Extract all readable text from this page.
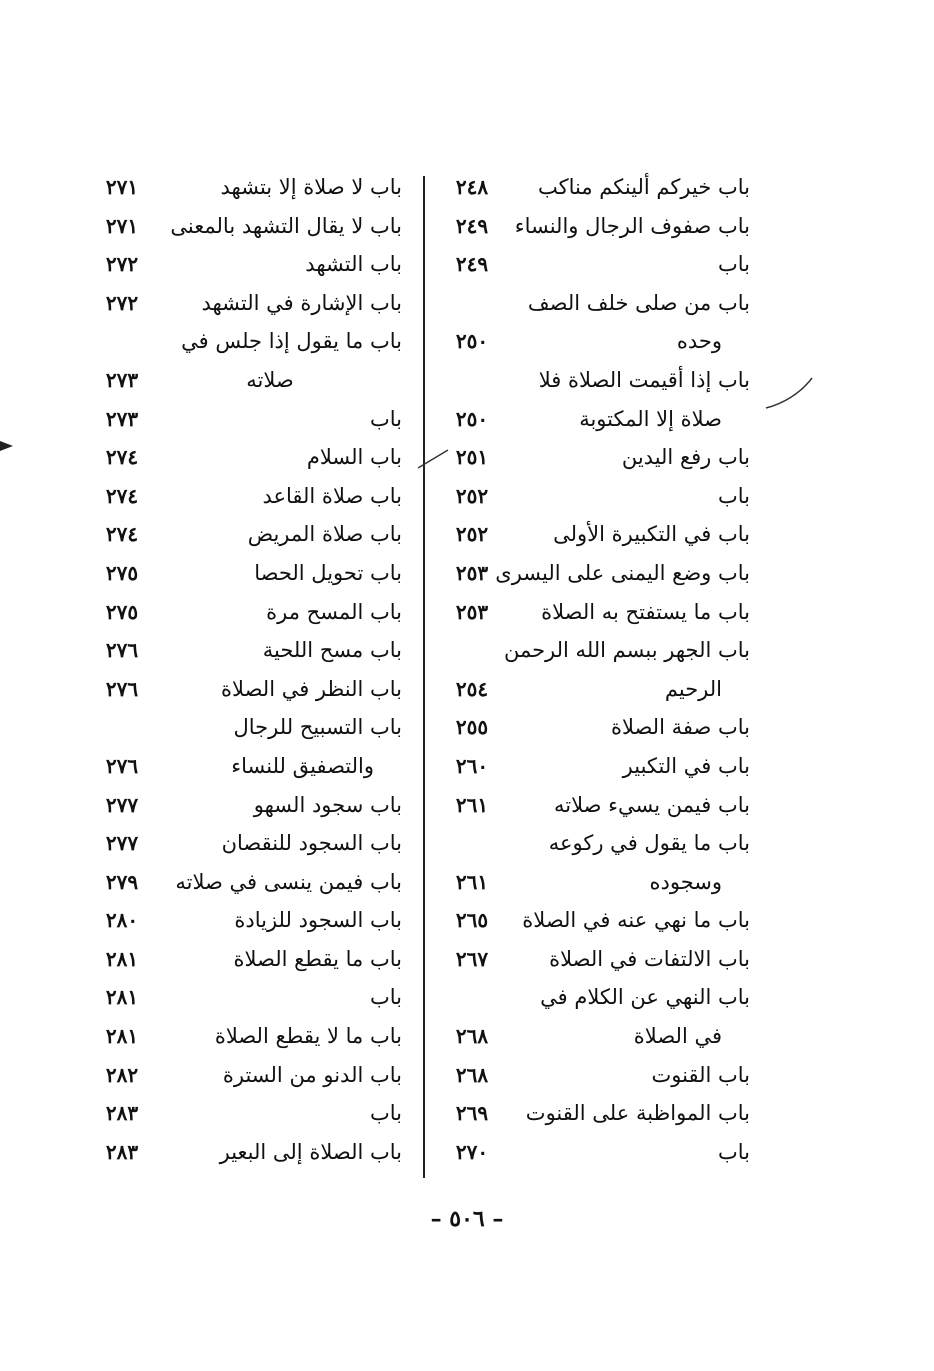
باب خيركم ألينكم مناكب
٢٤٨
باب صفوف الرجال والنساء
٢٤٩
باب
٢٤٩
باب من صلى خلف الصف
وحده
٢٥٠
باب إذا أقيمت الصلاة فلا
صلاة إلا المكتوبة
٢٥٠
باب رفع اليدين
٢٥١
باب
٢٥٢
باب في التكبيرة الأولى
٢٥٢
باب وضع اليمنى على اليسرى
٢٥٣
باب ما يستفتح به الصلاة
٢٥٣
باب الجهر ببسم الله الرحمن
الرحيم
٢٥٤
باب صفة الصلاة
٢٥٥
باب في التكبير
٢٦٠
باب فيمن يسيء صلاته
٢٦١
باب ما يقول في ركوعه
وسجوده
٢٦١
باب ما نهي عنه في الصلاة
٢٦٥
باب الالتفات في الصلاة
٢٦٧
باب النهي عن الكلام في
في الصلاة
٢٦٨
باب القنوت
٢٦٨
باب المواظبة على القنوت
٢٦٩
باب
٢٧٠
باب لا صلاة إلا بتشهد
٢٧١
باب لا يقال التشهد بالمعنى
٢٧١
باب التشهد
٢٧٢
باب الإشارة في التشهد
٢٧٢
باب ما يقول إذا جلس في
صلاته
٢٧٣
باب
٢٧٣
باب السلام
٢٧٤
باب صلاة القاعد
٢٧٤
باب صلاة المريض
٢٧٤
باب تحويل الحصا
٢٧٥
باب المسح مرة
٢٧٥
باب مسح اللحية
٢٧٦
باب النظر في الصلاة
٢٧٦
باب التسبيح للرجال
والتصفيق للنساء
٢٧٦
باب سجود السهو
٢٧٧
باب السجود للنقصان
٢٧٧
باب فيمن ينسى في صلاته
٢٧٩
باب السجود للزيادة
٢٨٠
باب ما يقطع الصلاة
٢٨١
باب
٢٨١
باب ما لا يقطع الصلاة
٢٨١
باب الدنو من السترة
٢٨٢
باب
٢٨٣
باب الصلاة إلى البعير
٢٨٣
– ٥٠٦ –
